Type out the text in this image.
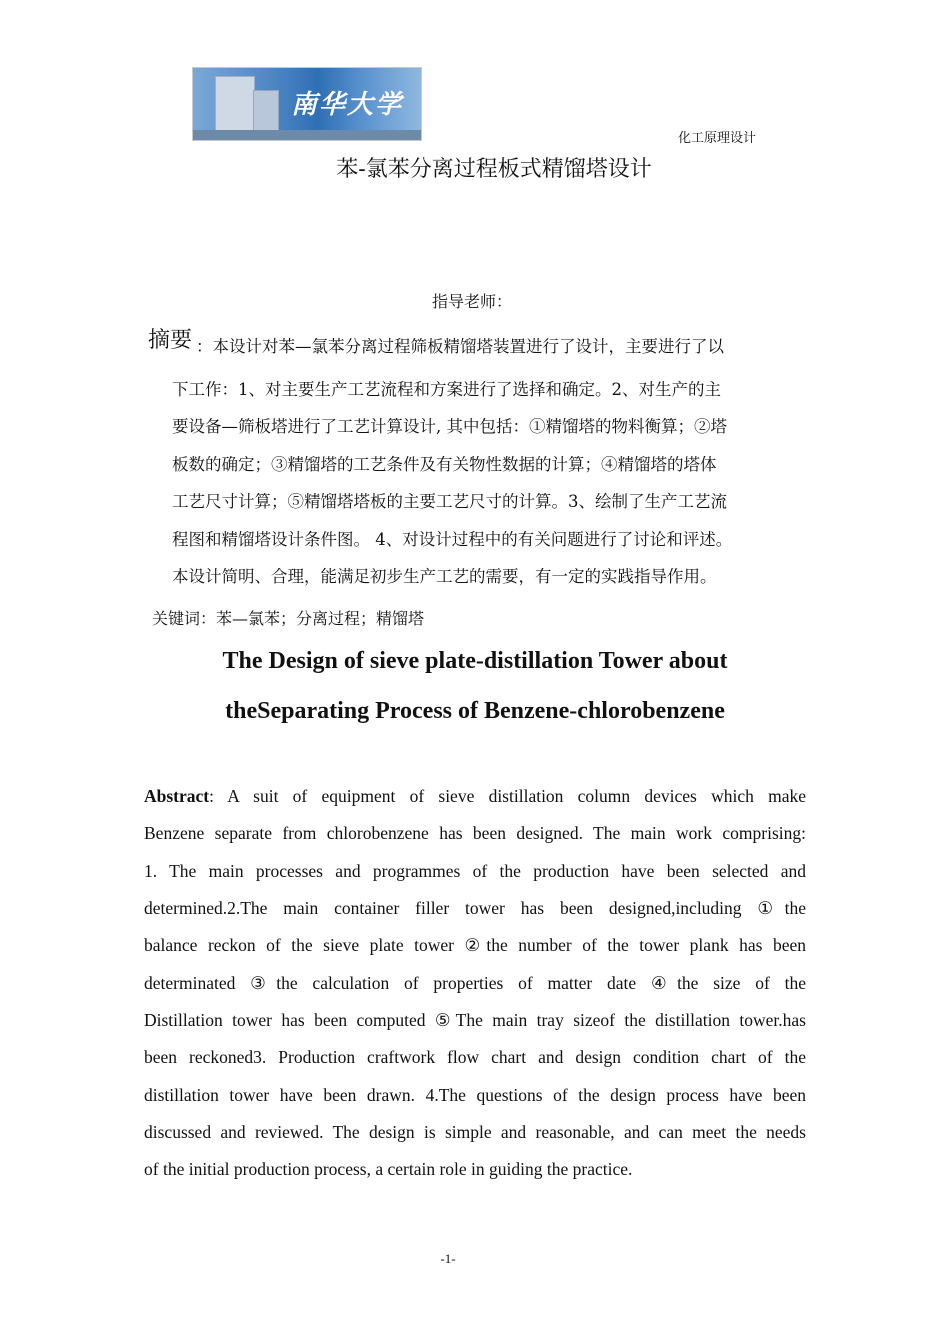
南华大学
化工原理设计
苯-氯苯分离过程板式精馏塔设计
指导老师：
摘要 ：本设计对苯—氯苯分离过程筛板精馏塔装置进行了设计，主要进行了以
下工作：1、对主要生产工艺流程和方案进行了选择和确定。2、对生产的主
要设备—筛板塔进行了工艺计算设计, 其中包括：①精馏塔的物料衡算；②塔
板数的确定；③精馏塔的工艺条件及有关物性数据的计算；④精馏塔的塔体
工艺尺寸计算；⑤精馏塔塔板的主要工艺尺寸的计算。3、绘制了生产工艺流
程图和精馏塔设计条件图。 4、对设计过程中的有关问题进行了讨论和评述。
本设计简明、合理，能满足初步生产工艺的需要，有一定的实践指导作用。
关键词：苯—氯苯；分离过程；精馏塔
The Design of sieve plate-distillation Tower about
theSeparating Process of Benzene-chlorobenzene
Abstract: A suit of equipment of sieve distillation column devices which make
Benzene separate from chlorobenzene has been designed. The main work comprising:
1. The main processes and programmes of the production have been selected and
determined.2.The main container filler tower has been designed,including ①the
balance reckon of the sieve plate tower ②the number of the tower plank has been
determinated ③the calculation of properties of matter date ④the size of the
Distillation tower has been computed ⑤The main tray sizeof the distillation tower.has
been reckoned3. Production craftwork flow chart and design condition chart of the
distillation tower have been drawn. 4.The questions of the design process have been
discussed and reviewed. The design is simple and reasonable, and can meet the needs
of the initial production process, a certain role in guiding the practice.
-1-
